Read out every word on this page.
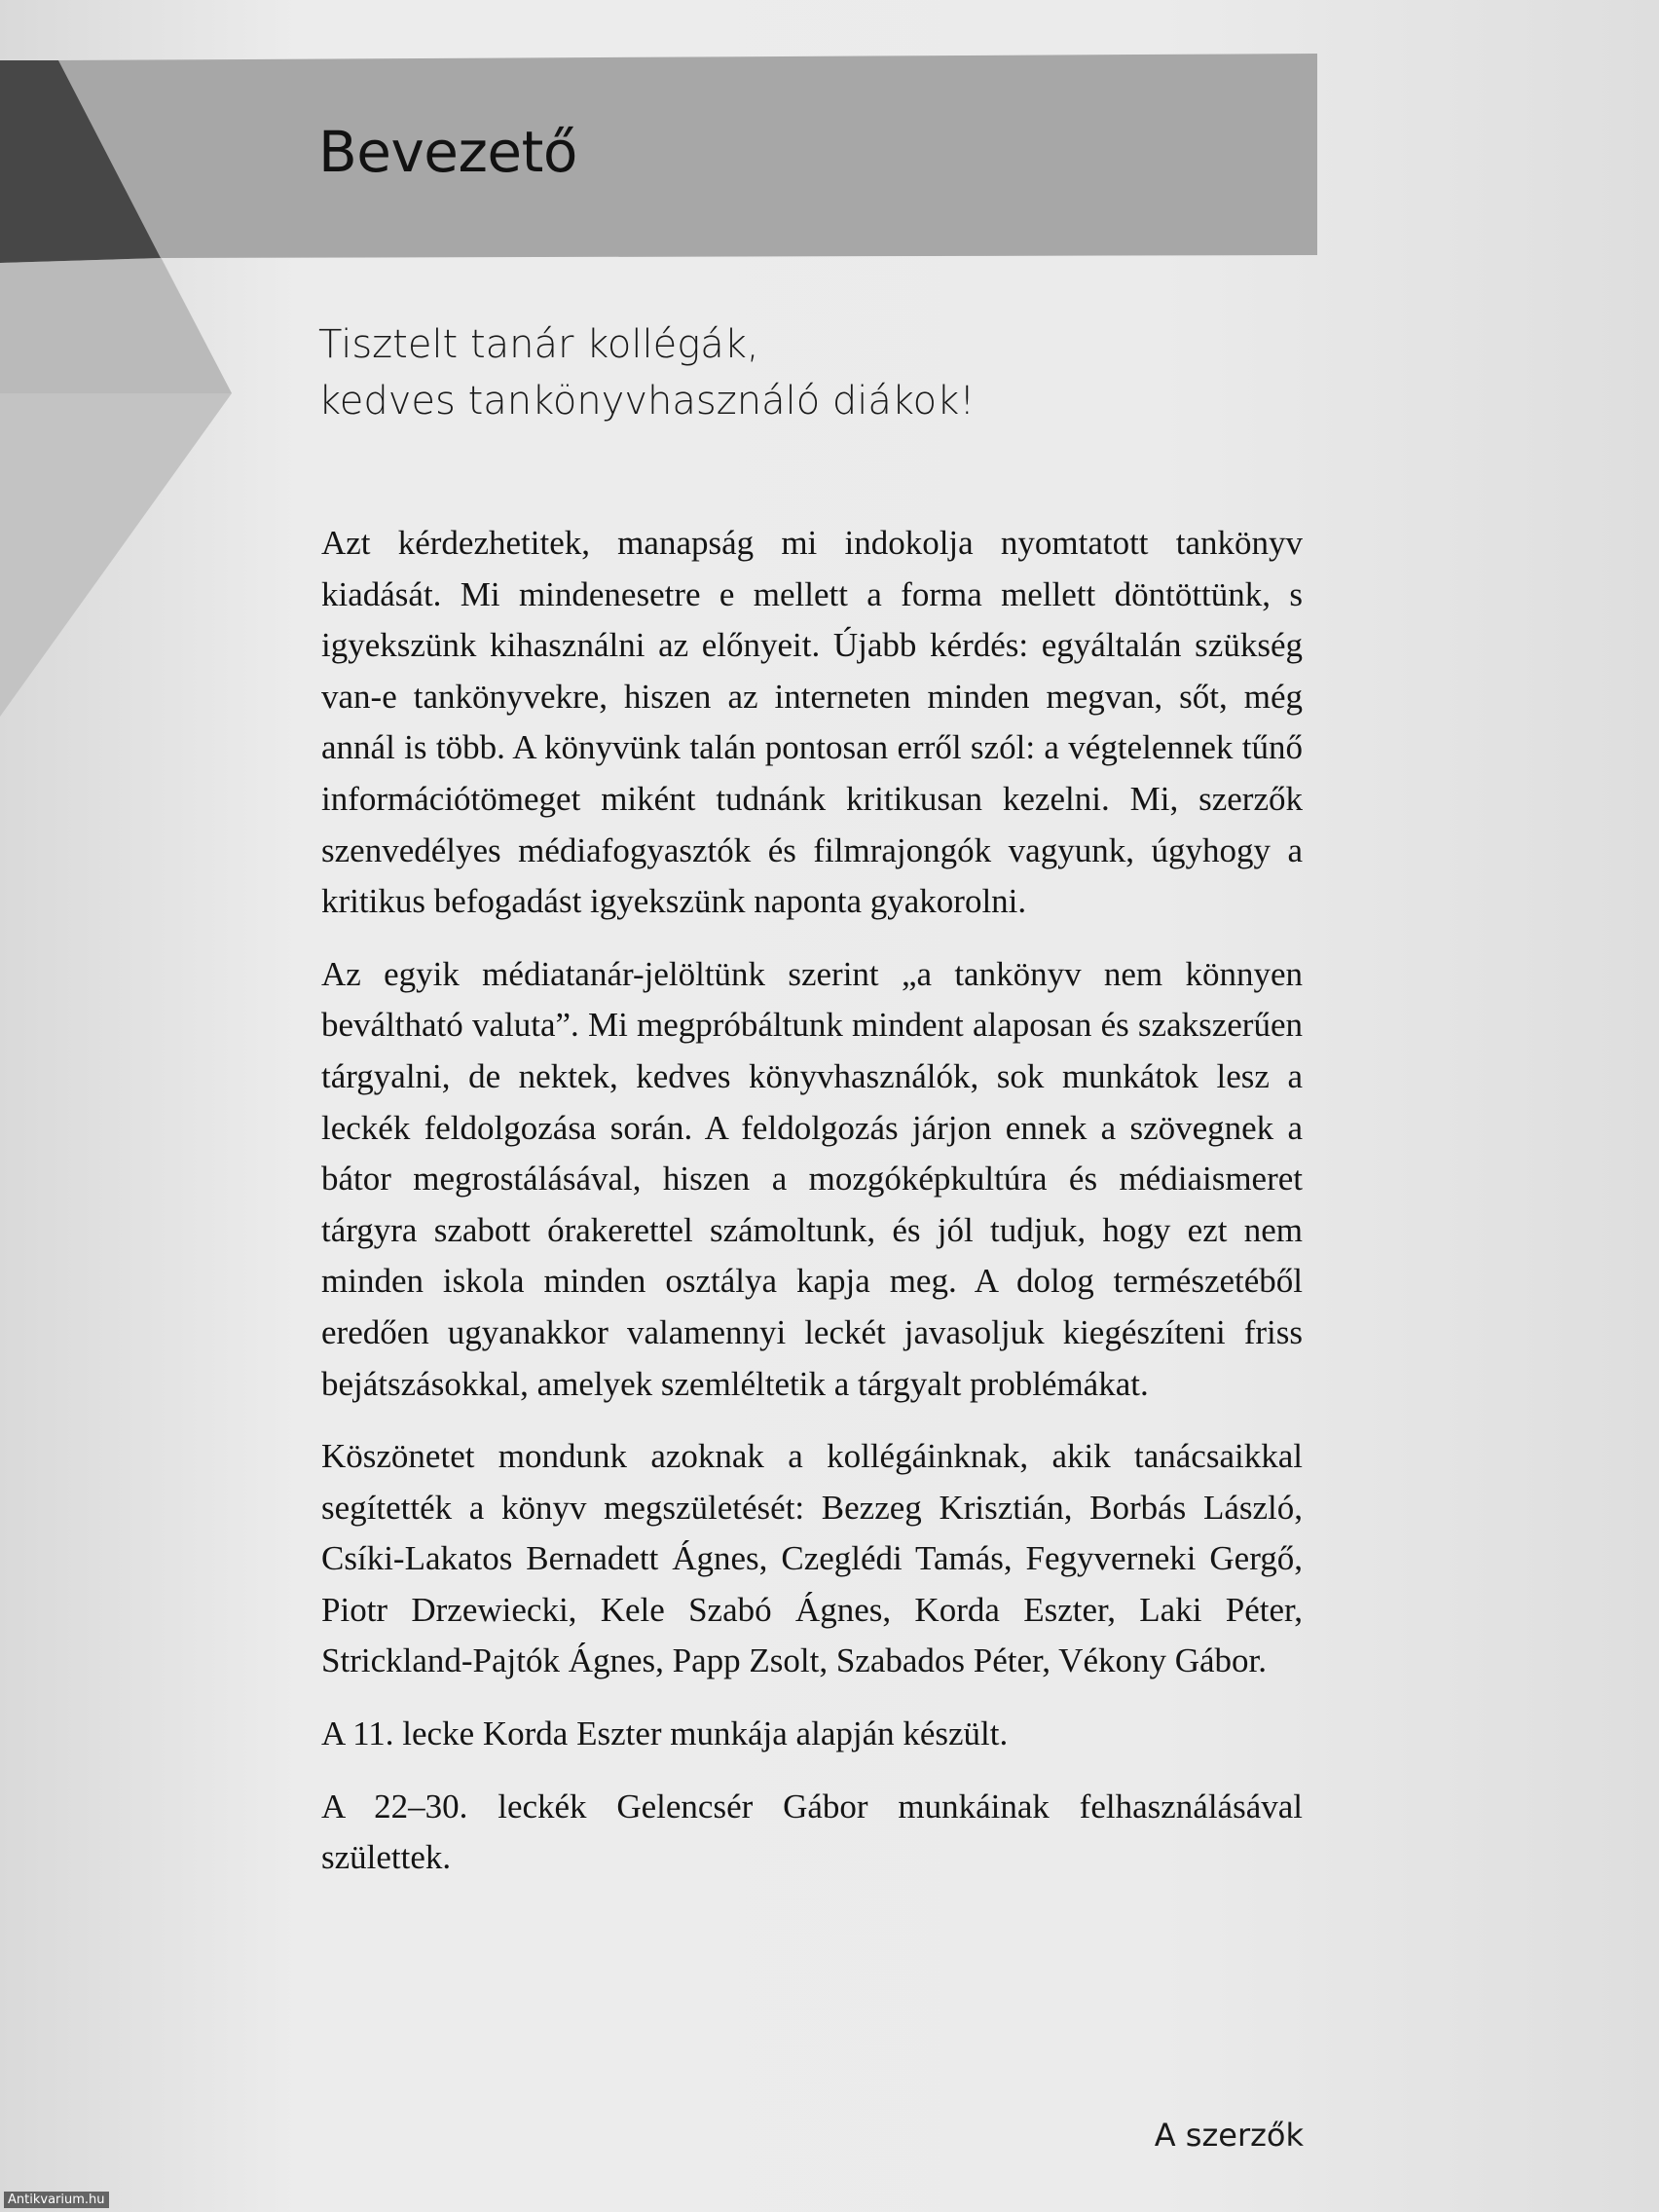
Bevezető
Tisztelt tanár kollégák,
kedves tankönyvhasználó diákok!

Azt kérdezhetitek, manapság mi indokolja nyomtatott tankönyv kiadását. Mi mindenesetre e mellett a forma mellett döntöttünk, s igyekszünk kihasználni az előnyeit. Újabb kérdés: egyáltalán szükség van-e tankönyvekre, hiszen az interneten minden megvan, sőt, még annál is több. A könyvünk talán pontosan erről szól: a végtelennek tűnő információtömeget miként tudnánk kritikusan kezelni. Mi, szerzők szenvedélyes médiafogyasztók és filmrajongók vagyunk, úgyhogy a kritikus befogadást igyekszünk naponta gyakorolni.

Az egyik médiatanár-jelöltünk szerint „a tankönyv nem könnyen beváltható valuta”. Mi megpróbáltunk mindent alaposan és szakszerűen tárgyalni, de nektek, kedves könyvhasználók, sok munkátok lesz a leckék feldolgozása során. A feldolgozás járjon ennek a szövegnek a bátor megrostálásával, hiszen a mozgóképkultúra és médiaismeret tárgyra szabott órakerettel számoltunk, és jól tudjuk, hogy ezt nem minden iskola minden osztálya kapja meg. A dolog természetéből eredően ugyanakkor valamennyi leckét javasoljuk kiegészíteni friss bejátszásokkal, amelyek szemléltetik a tárgyalt problémákat.

Köszönetet mondunk azoknak a kollégáinknak, akik tanácsaikkal segítették a könyv megszületését: Bezzeg Krisztián, Borbás László, Csíki-Lakatos Bernadett Ágnes, Czeglédi Tamás, Fegyverneki Gergő, Piotr Drzewiecki, Kele Szabó Ágnes, Korda Eszter, Laki Péter, Strickland-Pajtók Ágnes, Papp Zsolt, Szabados Péter, Vékony Gábor.

A 11. lecke Korda Eszter munkája alapján készült.

A 22–30. leckék Gelencsér Gábor munkáinak felhasználásával születtek.

A szerzők

Antikvarium.hu
